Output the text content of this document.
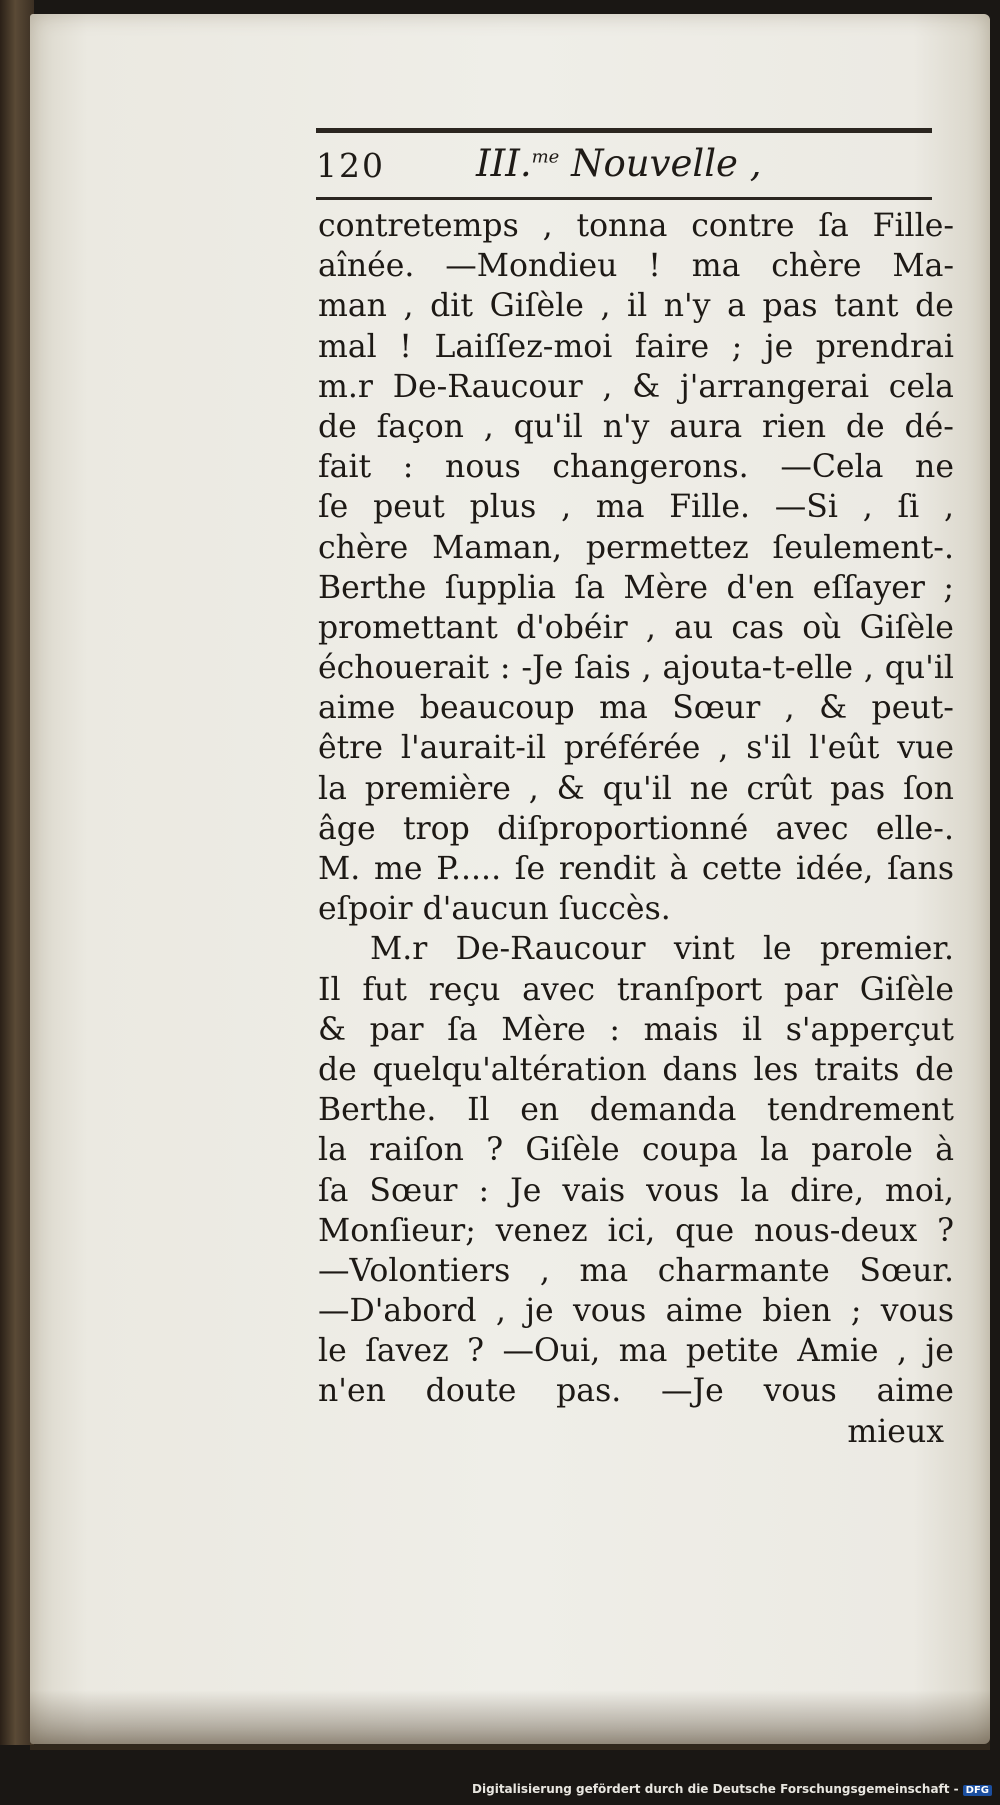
120 III.$^{me}$ Nouvelle ,
contretemps , tonna contre ſa Fille-
aînée. —Mondieu ! ma chère Ma-
man , dit Giſèle , il n'y a pas tant de
mal ! Laiſſez-moi faire ; je prendrai
m.r De-Raucour , & j'arrangerai cela
de façon , qu'il n'y aura rien de dé-
fait : nous changerons. —Cela ne
ſe peut plus , ma Fille. —Si , ſi ,
chère Maman, permettez ſeulement-.
Berthe ſupplia ſa Mère d'en eſſayer ;
promettant d'obéir , au cas où Giſèle
échouerait : -Je ſais , ajouta-t-elle , qu'il
aime beaucoup ma Sœur , & peut-
être l'aurait-il préférée , s'il l'eût vue
la première , & qu'il ne crût pas ſon
âge trop diſproportionné avec elle-.
M. me P..... ſe rendit à cette idée, ſans
eſpoir d'aucun ſuccès.
M.r De-Raucour vint le premier.
Il fut reçu avec tranſport par Giſèle
& par ſa Mère : mais il s'apperçut
de quelqu'altération dans les traits de
Berthe. Il en demanda tendrement
la raiſon ? Giſèle coupa la parole à
ſa Sœur : Je vais vous la dire, moi,
Monſieur; venez ici, que nous-deux ?
—Volontiers , ma charmante Sœur.
—D'abord , je vous aime bien ; vous
le ſavez ? —Oui, ma petite Amie , je
n'en doute pas. —Je vous aime
mieux
Digitalisierung gefördert durch die Deutsche Forschungsgemeinschaft - DFG
